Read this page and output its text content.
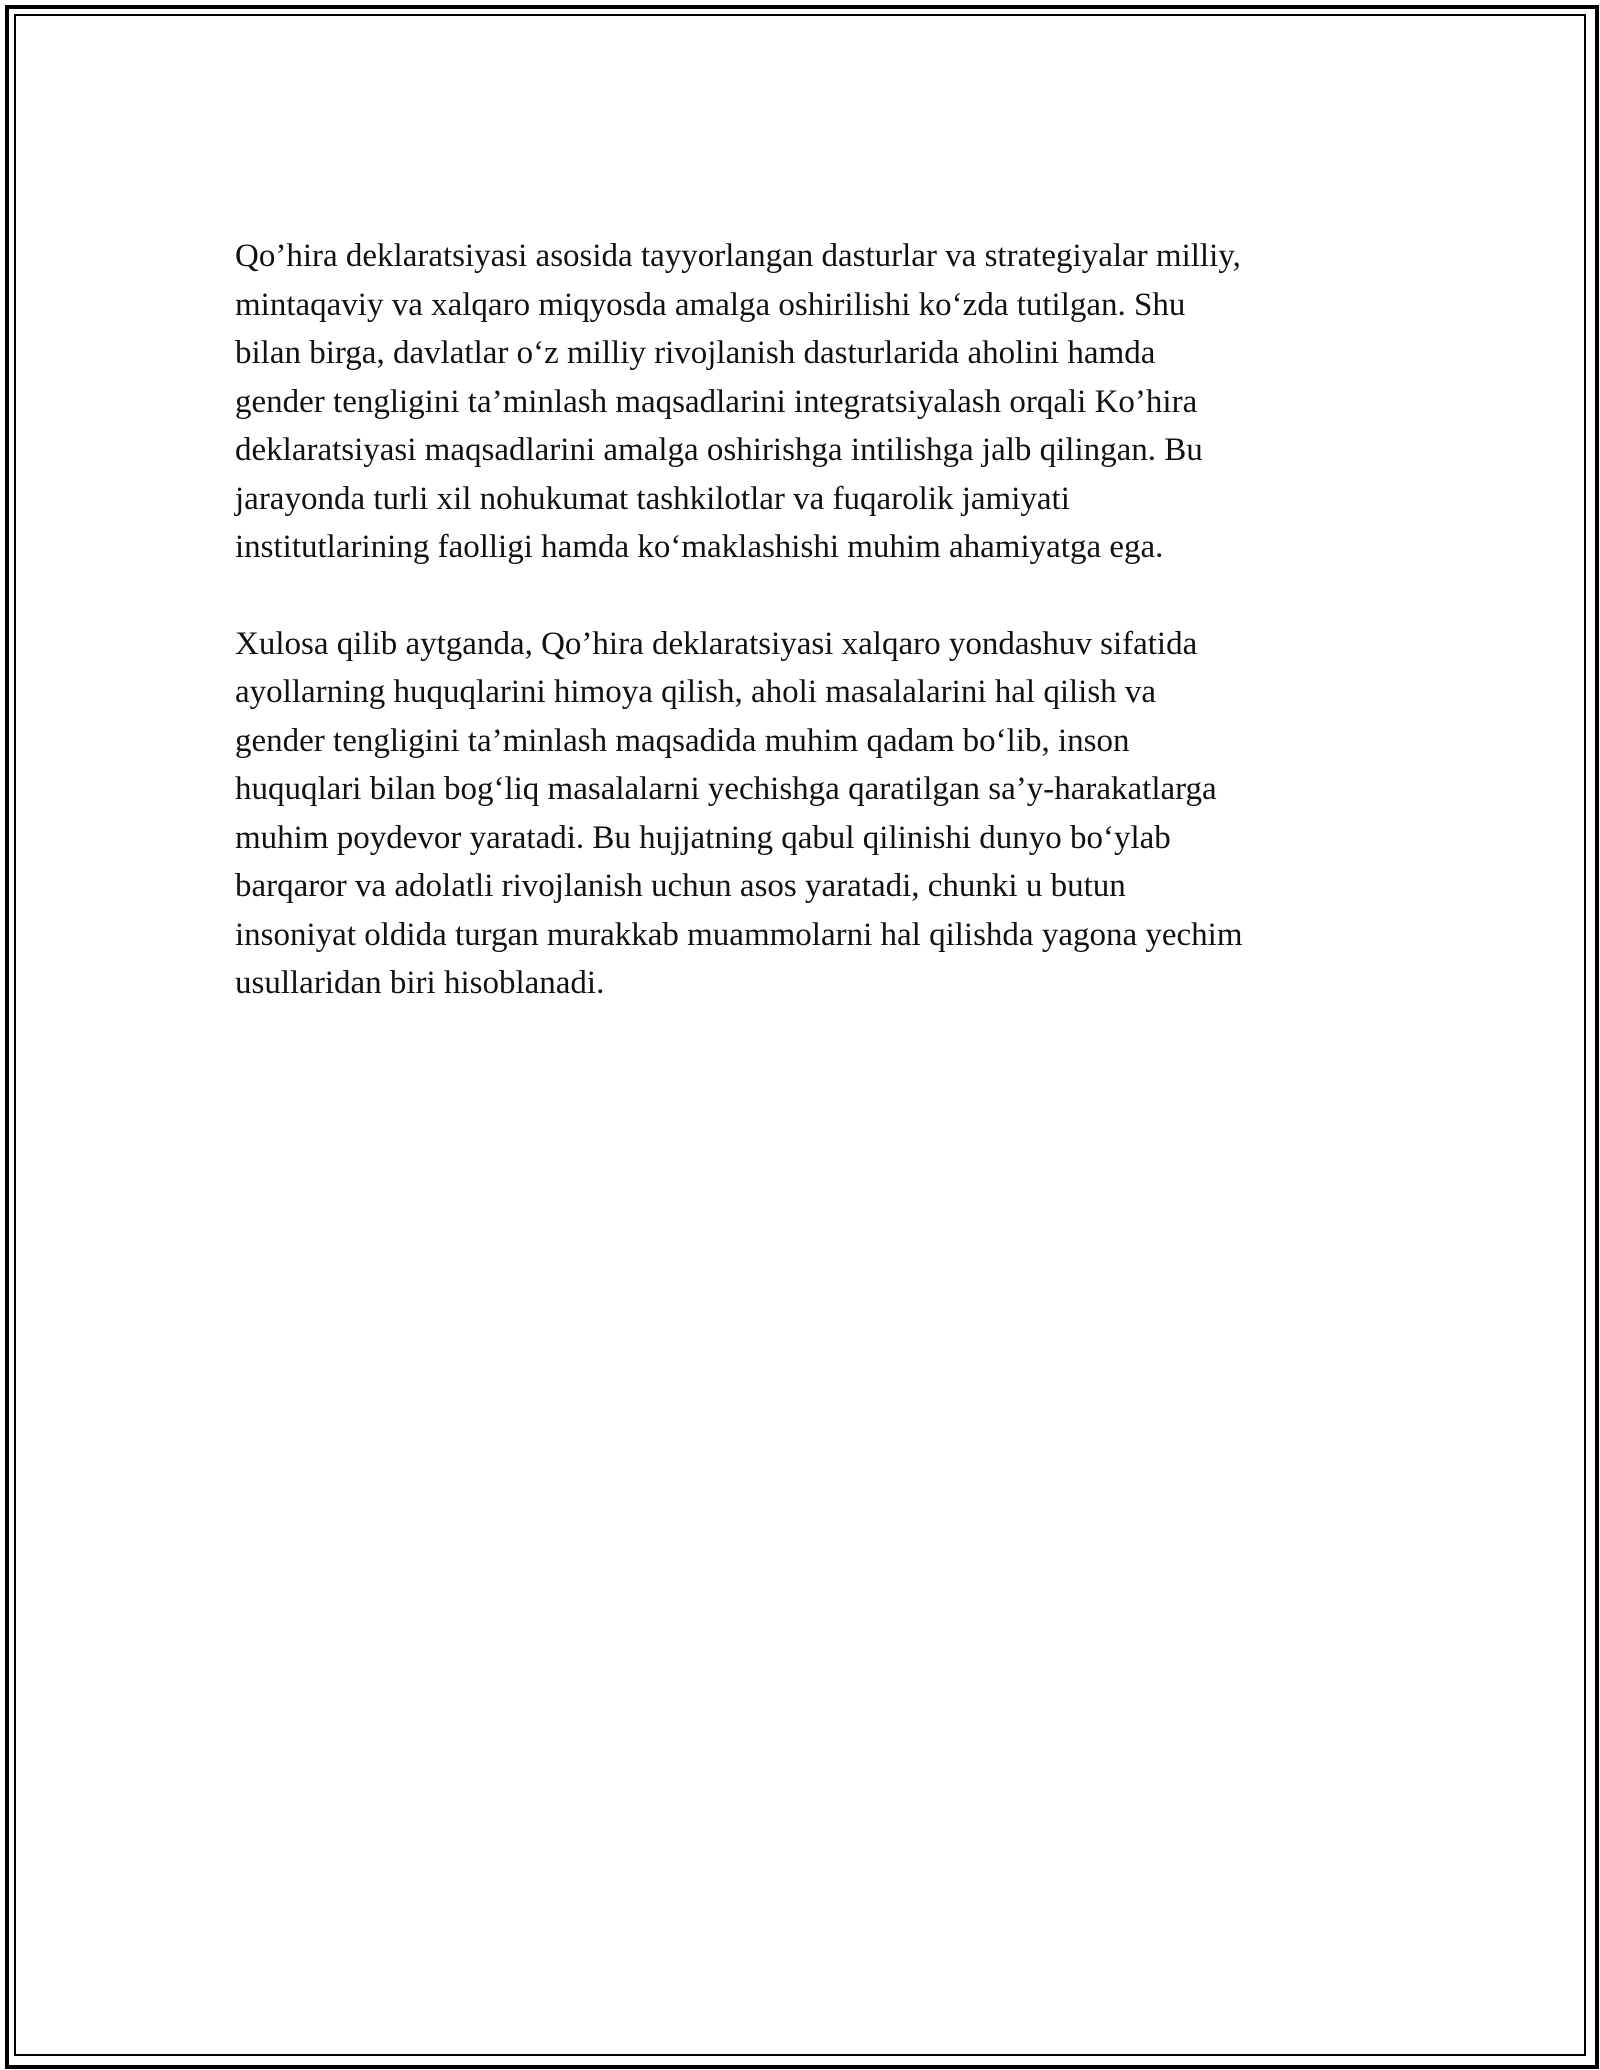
Qo’hira deklaratsiyasi asosida tayyorlangan dasturlar va strategiyalar milliy,
mintaqaviy va xalqaro miqyosda amalga oshirilishi ko‘zda tutilgan. Shu
bilan birga, davlatlar o‘z milliy rivojlanish dasturlarida aholini hamda
gender tengligini ta’minlash maqsadlarini integratsiyalash orqali Ko’hira
deklaratsiyasi maqsadlarini amalga oshirishga intilishga jalb qilingan. Bu
jarayonda turli xil nohukumat tashkilotlar va fuqarolik jamiyati
institutlarining faolligi hamda ko‘maklashishi muhim ahamiyatga ega.

Xulosa qilib aytganda, Qo’hira deklaratsiyasi xalqaro yondashuv sifatida
ayollarning huquqlarini himoya qilish, aholi masalalarini hal qilish va
gender tengligini ta’minlash maqsadida muhim qadam bo‘lib, inson
huquqlari bilan bog‘liq masalalarni yechishga qaratilgan sa’y-harakatlarga
muhim poydevor yaratadi. Bu hujjatning qabul qilinishi dunyo bo‘ylab
barqaror va adolatli rivojlanish uchun asos yaratadi, chunki u butun
insoniyat oldida turgan murakkab muammolarni hal qilishda yagona yechim
usullaridan biri hisoblanadi.
